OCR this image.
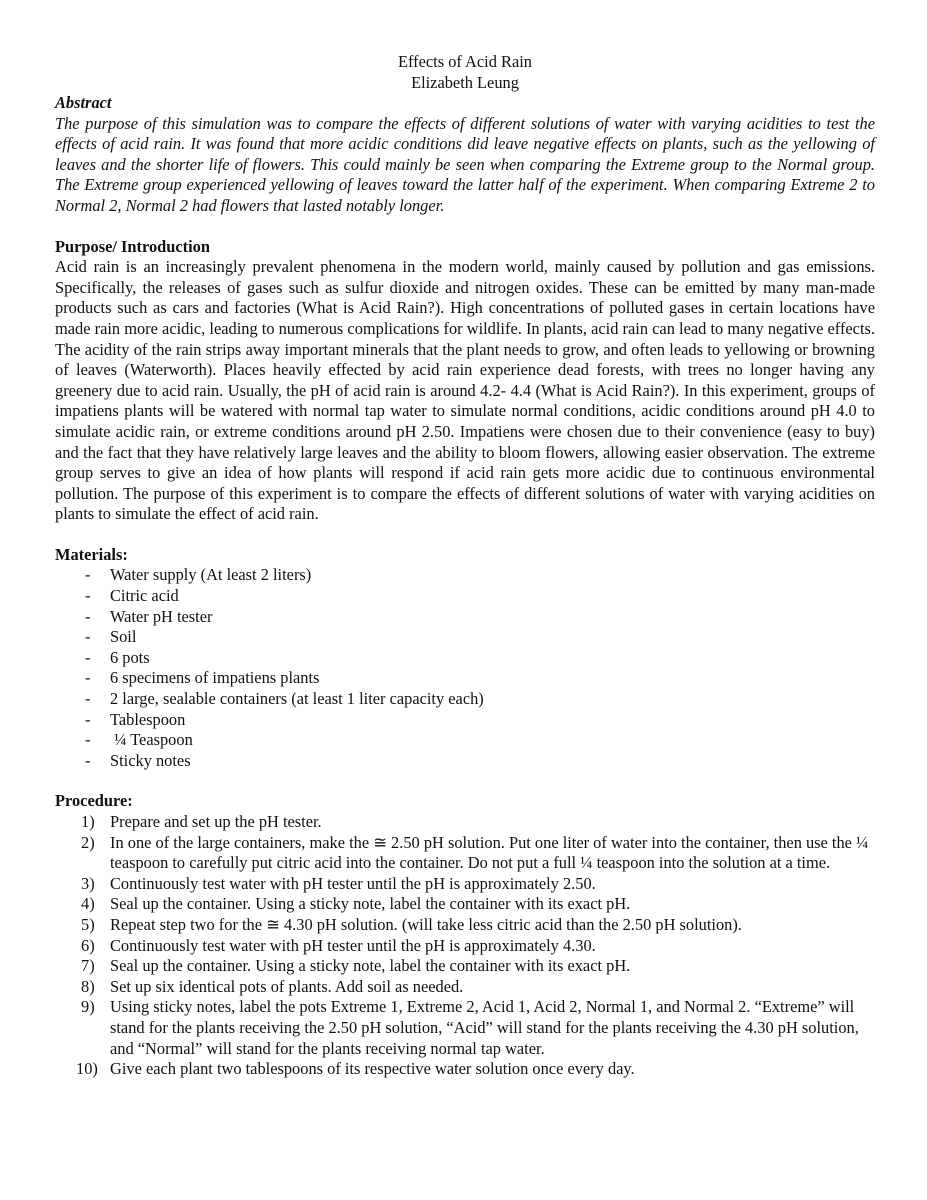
Effects of Acid Rain
Elizabeth Leung
Abstract

The purpose of this simulation was to compare the effects of different solutions of water with varying acidities to test the effects of acid rain. It was found that more acidic conditions did leave negative effects on plants, such as the yellowing of leaves and the shorter life of flowers. This could mainly be seen when comparing the Extreme group to the Normal group. The Extreme group experienced yellowing of leaves toward the latter half of the experiment. When comparing Extreme 2 to Normal 2, Normal 2 had flowers that lasted notably longer.

Purpose/ Introduction

Acid rain is an increasingly prevalent phenomena in the modern world, mainly caused by pollution and gas emissions. Specifically, the releases of gases such as sulfur dioxide and nitrogen oxides. These can be emitted by many man-made products such as cars and factories (What is Acid Rain?). High concentrations of polluted gases in certain locations have made rain more acidic, leading to numerous complications for wildlife. In plants, acid rain can lead to many negative effects. The acidity of the rain strips away important minerals that the plant needs to grow, and often leads to yellowing or browning of leaves (Waterworth). Places heavily effected by acid rain experience dead forests, with trees no longer having any greenery due to acid rain. Usually, the pH of acid rain is around 4.2- 4.4 (What is Acid Rain?). In this experiment, groups of impatiens plants will be watered with normal tap water to simulate normal conditions, acidic conditions around pH 4.0 to simulate acidic rain, or extreme conditions around pH 2.50. Impatiens were chosen due to their convenience (easy to buy) and the fact that they have relatively large leaves and the ability to bloom flowers, allowing easier observation. The extreme group serves to give an idea of how plants will respond if acid rain gets more acidic due to continuous environmental pollution. The purpose of this experiment is to compare the effects of different solutions of water with varying acidities on plants to simulate the effect of acid rain.

Materials:
- Water supply (At least 2 liters)
- Citric acid
- Water pH tester
- Soil
- 6 pots
- 6 specimens of impatiens plants
- 2 large, sealable containers (at least 1 liter capacity each)
- Tablespoon
- ¼ Teaspoon
- Sticky notes
Procedure:
1) Prepare and set up the pH tester.
2) In one of the large containers, make the ≅ 2.50 pH solution. Put one liter of water into the container, then use the ¼ teaspoon to carefully put citric acid into the container. Do not put a full ¼ teaspoon into the solution at a time.
3) Continuously test water with pH tester until the pH is approximately 2.50.
4) Seal up the container. Using a sticky note, label the container with its exact pH.
5) Repeat step two for the ≅ 4.30 pH solution. (will take less citric acid than the 2.50 pH solution).
6) Continuously test water with pH tester until the pH is approximately 4.30.
7) Seal up the container. Using a sticky note, label the container with its exact pH.
8) Set up six identical pots of plants. Add soil as needed.
9) Using sticky notes, label the pots Extreme 1, Extreme 2, Acid 1, Acid 2, Normal 1, and Normal 2. “Extreme” will stand for the plants receiving the 2.50 pH solution, “Acid” will stand for the plants receiving the 4.30 pH solution, and “Normal” will stand for the plants receiving normal tap water.
10) Give each plant two tablespoons of its respective water solution once every day.
